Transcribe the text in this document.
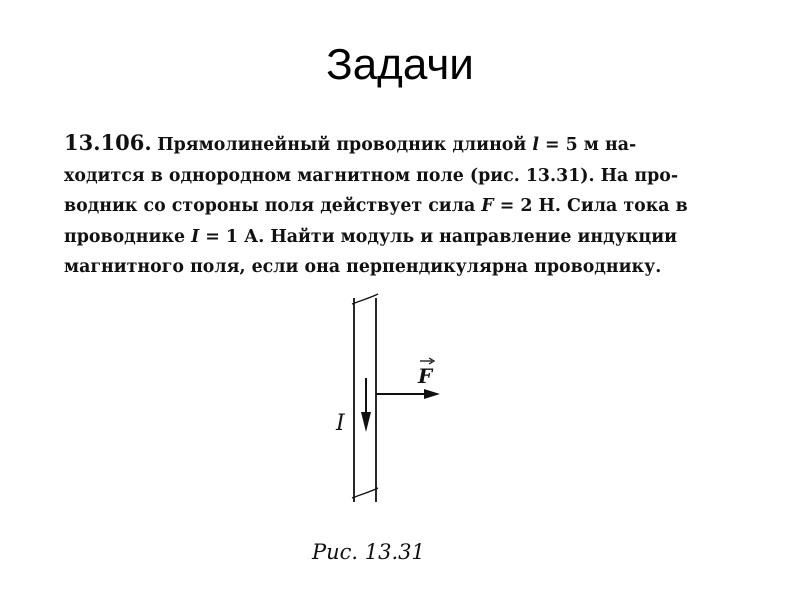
Задачи
13.106. Прямолинейный проводник длиной l = 5 м на-
ходится в однородном магнитном поле (рис. 13.31). На про-
водник со стороны поля действует сила F = 2 Н. Сила тока в
проводнике I = 1 А. Найти модуль и направление индукции
магнитного поля, если она перпендикулярна проводнику.
I
F
Рис. 13.31
